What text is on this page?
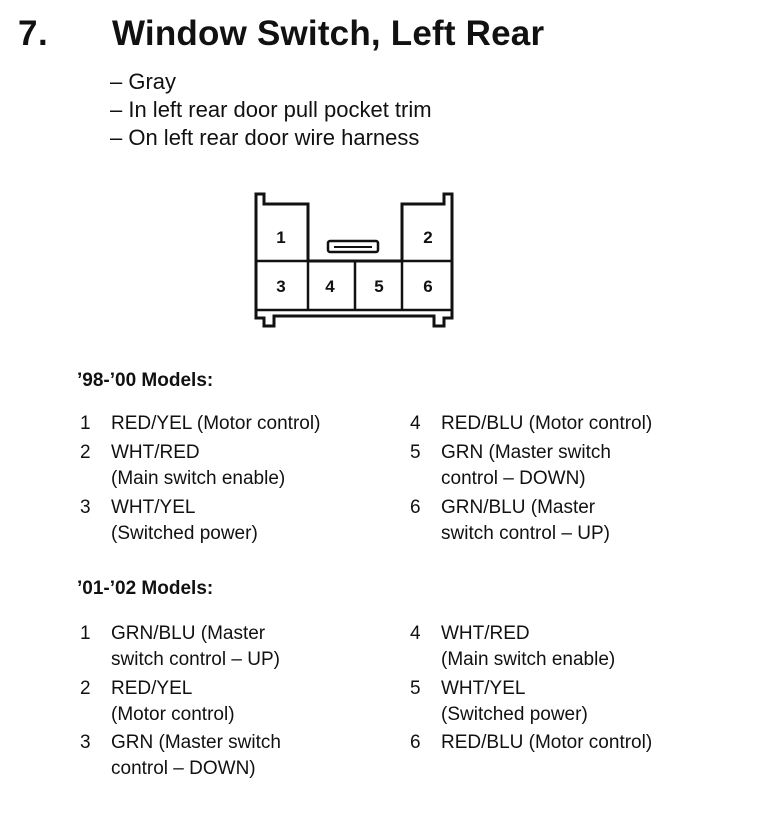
7. Window Switch, Left Rear
– Gray
– In left rear door pull pocket trim
– On left rear door wire harness
1	2
3 4 5 6
’98-’00 Models:
1	RED/YEL (Motor control)
2	WHT/RED
(Main switch enable)
3	WHT/YEL
(Switched power)
4	RED/BLU (Motor control)
5	GRN (Master switch
control – DOWN)
6	GRN/BLU (Master
switch control – UP)
’01-’02 Models:
1	GRN/BLU (Master
switch control – UP)
2	RED/YEL
(Motor control)
3	GRN (Master switch
control – DOWN)
4	WHT/RED
(Main switch enable)
5	WHT/YEL
(Switched power)
6	RED/BLU (Motor control)
